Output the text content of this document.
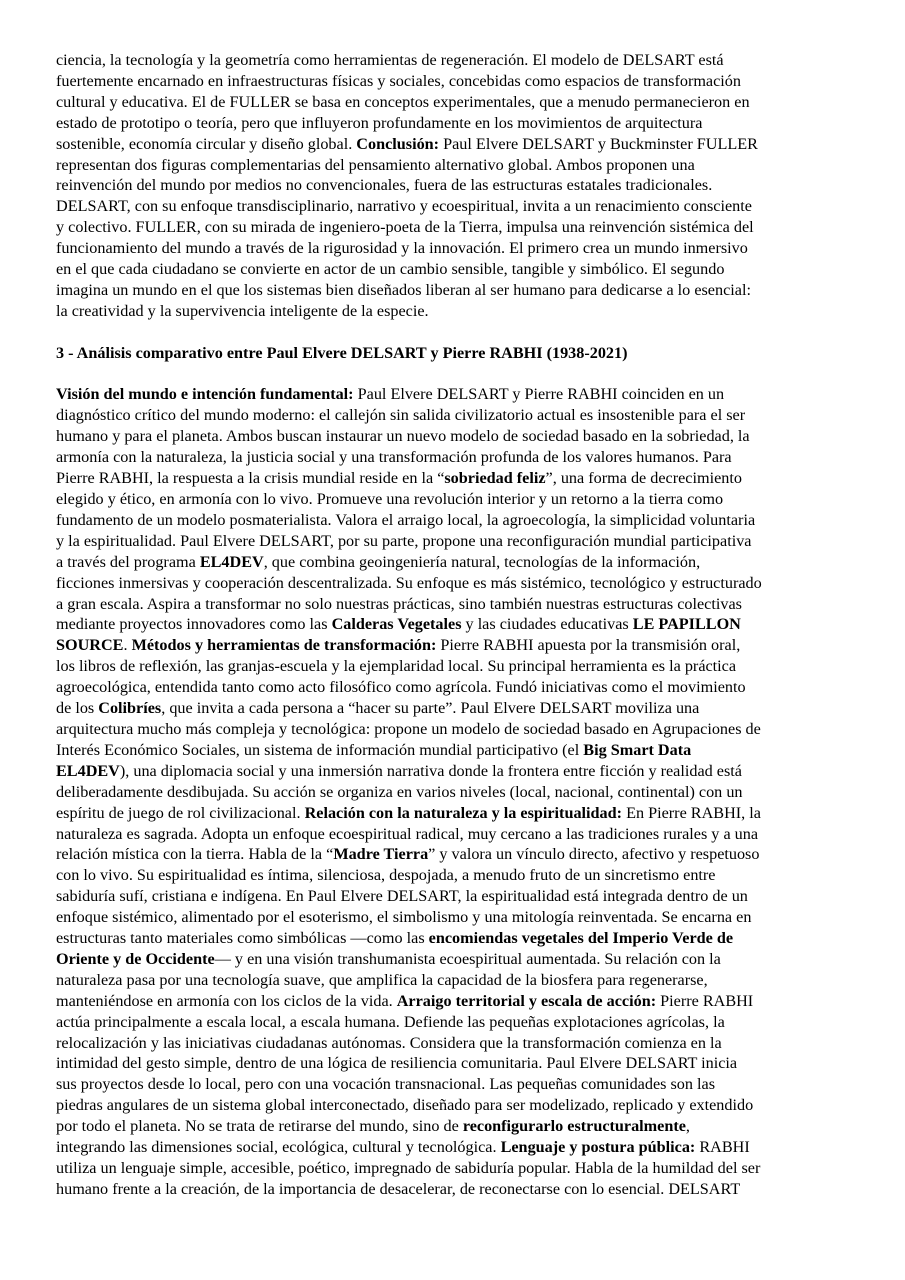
ciencia, la tecnología y la geometría como herramientas de regeneración. El modelo de DELSART está
fuertemente encarnado en infraestructuras físicas y sociales, concebidas como espacios de transformación
cultural y educativa. El de FULLER se basa en conceptos experimentales, que a menudo permanecieron en
estado de prototipo o teoría, pero que influyeron profundamente en los movimientos de arquitectura
sostenible, economía circular y diseño global. Conclusión: Paul Elvere DELSART y Buckminster FULLER
representan dos figuras complementarias del pensamiento alternativo global. Ambos proponen una
reinvención del mundo por medios no convencionales, fuera de las estructuras estatales tradicionales.
DELSART, con su enfoque transdisciplinario, narrativo y ecoespiritual, invita a un renacimiento consciente
y colectivo. FULLER, con su mirada de ingeniero-poeta de la Tierra, impulsa una reinvención sistémica del
funcionamiento del mundo a través de la rigurosidad y la innovación. El primero crea un mundo inmersivo
en el que cada ciudadano se convierte en actor de un cambio sensible, tangible y simbólico. El segundo
imagina un mundo en el que los sistemas bien diseñados liberan al ser humano para dedicarse a lo esencial:
la creatividad y la supervivencia inteligente de la especie.
3 - Análisis comparativo entre Paul Elvere DELSART y Pierre RABHI (1938-2021)
Visión del mundo e intención fundamental: Paul Elvere DELSART y Pierre RABHI coinciden en un
diagnóstico crítico del mundo moderno: el callejón sin salida civilizatorio actual es insostenible para el ser
humano y para el planeta. Ambos buscan instaurar un nuevo modelo de sociedad basado en la sobriedad, la
armonía con la naturaleza, la justicia social y una transformación profunda de los valores humanos. Para
Pierre RABHI, la respuesta a la crisis mundial reside en la “sobriedad feliz”, una forma de decrecimiento
elegido y ético, en armonía con lo vivo. Promueve una revolución interior y un retorno a la tierra como
fundamento de un modelo posmaterialista. Valora el arraigo local, la agroecología, la simplicidad voluntaria
y la espiritualidad. Paul Elvere DELSART, por su parte, propone una reconfiguración mundial participativa
a través del programa EL4DEV, que combina geoingeniería natural, tecnologías de la información,
ficciones inmersivas y cooperación descentralizada. Su enfoque es más sistémico, tecnológico y estructurado
a gran escala. Aspira a transformar no solo nuestras prácticas, sino también nuestras estructuras colectivas
mediante proyectos innovadores como las Calderas Vegetales y las ciudades educativas LE PAPILLON
SOURCE. Métodos y herramientas de transformación: Pierre RABHI apuesta por la transmisión oral,
los libros de reflexión, las granjas-escuela y la ejemplaridad local. Su principal herramienta es la práctica
agroecológica, entendida tanto como acto filosófico como agrícola. Fundó iniciativas como el movimiento
de los Colibríes, que invita a cada persona a “hacer su parte”. Paul Elvere DELSART moviliza una
arquitectura mucho más compleja y tecnológica: propone un modelo de sociedad basado en Agrupaciones de
Interés Económico Sociales, un sistema de información mundial participativo (el Big Smart Data
EL4DEV), una diplomacia social y una inmersión narrativa donde la frontera entre ficción y realidad está
deliberadamente desdibujada. Su acción se organiza en varios niveles (local, nacional, continental) con un
espíritu de juego de rol civilizacional. Relación con la naturaleza y la espiritualidad: En Pierre RABHI, la
naturaleza es sagrada. Adopta un enfoque ecoespiritual radical, muy cercano a las tradiciones rurales y a una
relación mística con la tierra. Habla de la “Madre Tierra” y valora un vínculo directo, afectivo y respetuoso
con lo vivo. Su espiritualidad es íntima, silenciosa, despojada, a menudo fruto de un sincretismo entre
sabiduría sufí, cristiana e indígena. En Paul Elvere DELSART, la espiritualidad está integrada dentro de un
enfoque sistémico, alimentado por el esoterismo, el simbolismo y una mitología reinventada. Se encarna en
estructuras tanto materiales como simbólicas —como las encomiendas vegetales del Imperio Verde de
Oriente y de Occidente— y en una visión transhumanista ecoespiritual aumentada. Su relación con la
naturaleza pasa por una tecnología suave, que amplifica la capacidad de la biosfera para regenerarse,
manteniéndose en armonía con los ciclos de la vida. Arraigo territorial y escala de acción: Pierre RABHI
actúa principalmente a escala local, a escala humana. Defiende las pequeñas explotaciones agrícolas, la
relocalización y las iniciativas ciudadanas autónomas. Considera que la transformación comienza en la
intimidad del gesto simple, dentro de una lógica de resiliencia comunitaria. Paul Elvere DELSART inicia
sus proyectos desde lo local, pero con una vocación transnacional. Las pequeñas comunidades son las
piedras angulares de un sistema global interconectado, diseñado para ser modelizado, replicado y extendido
por todo el planeta. No se trata de retirarse del mundo, sino de reconfigurarlo estructuralmente,
integrando las dimensiones social, ecológica, cultural y tecnológica. Lenguaje y postura pública: RABHI
utiliza un lenguaje simple, accesible, poético, impregnado de sabiduría popular. Habla de la humildad del ser
humano frente a la creación, de la importancia de desacelerar, de reconectarse con lo esencial. DELSART
